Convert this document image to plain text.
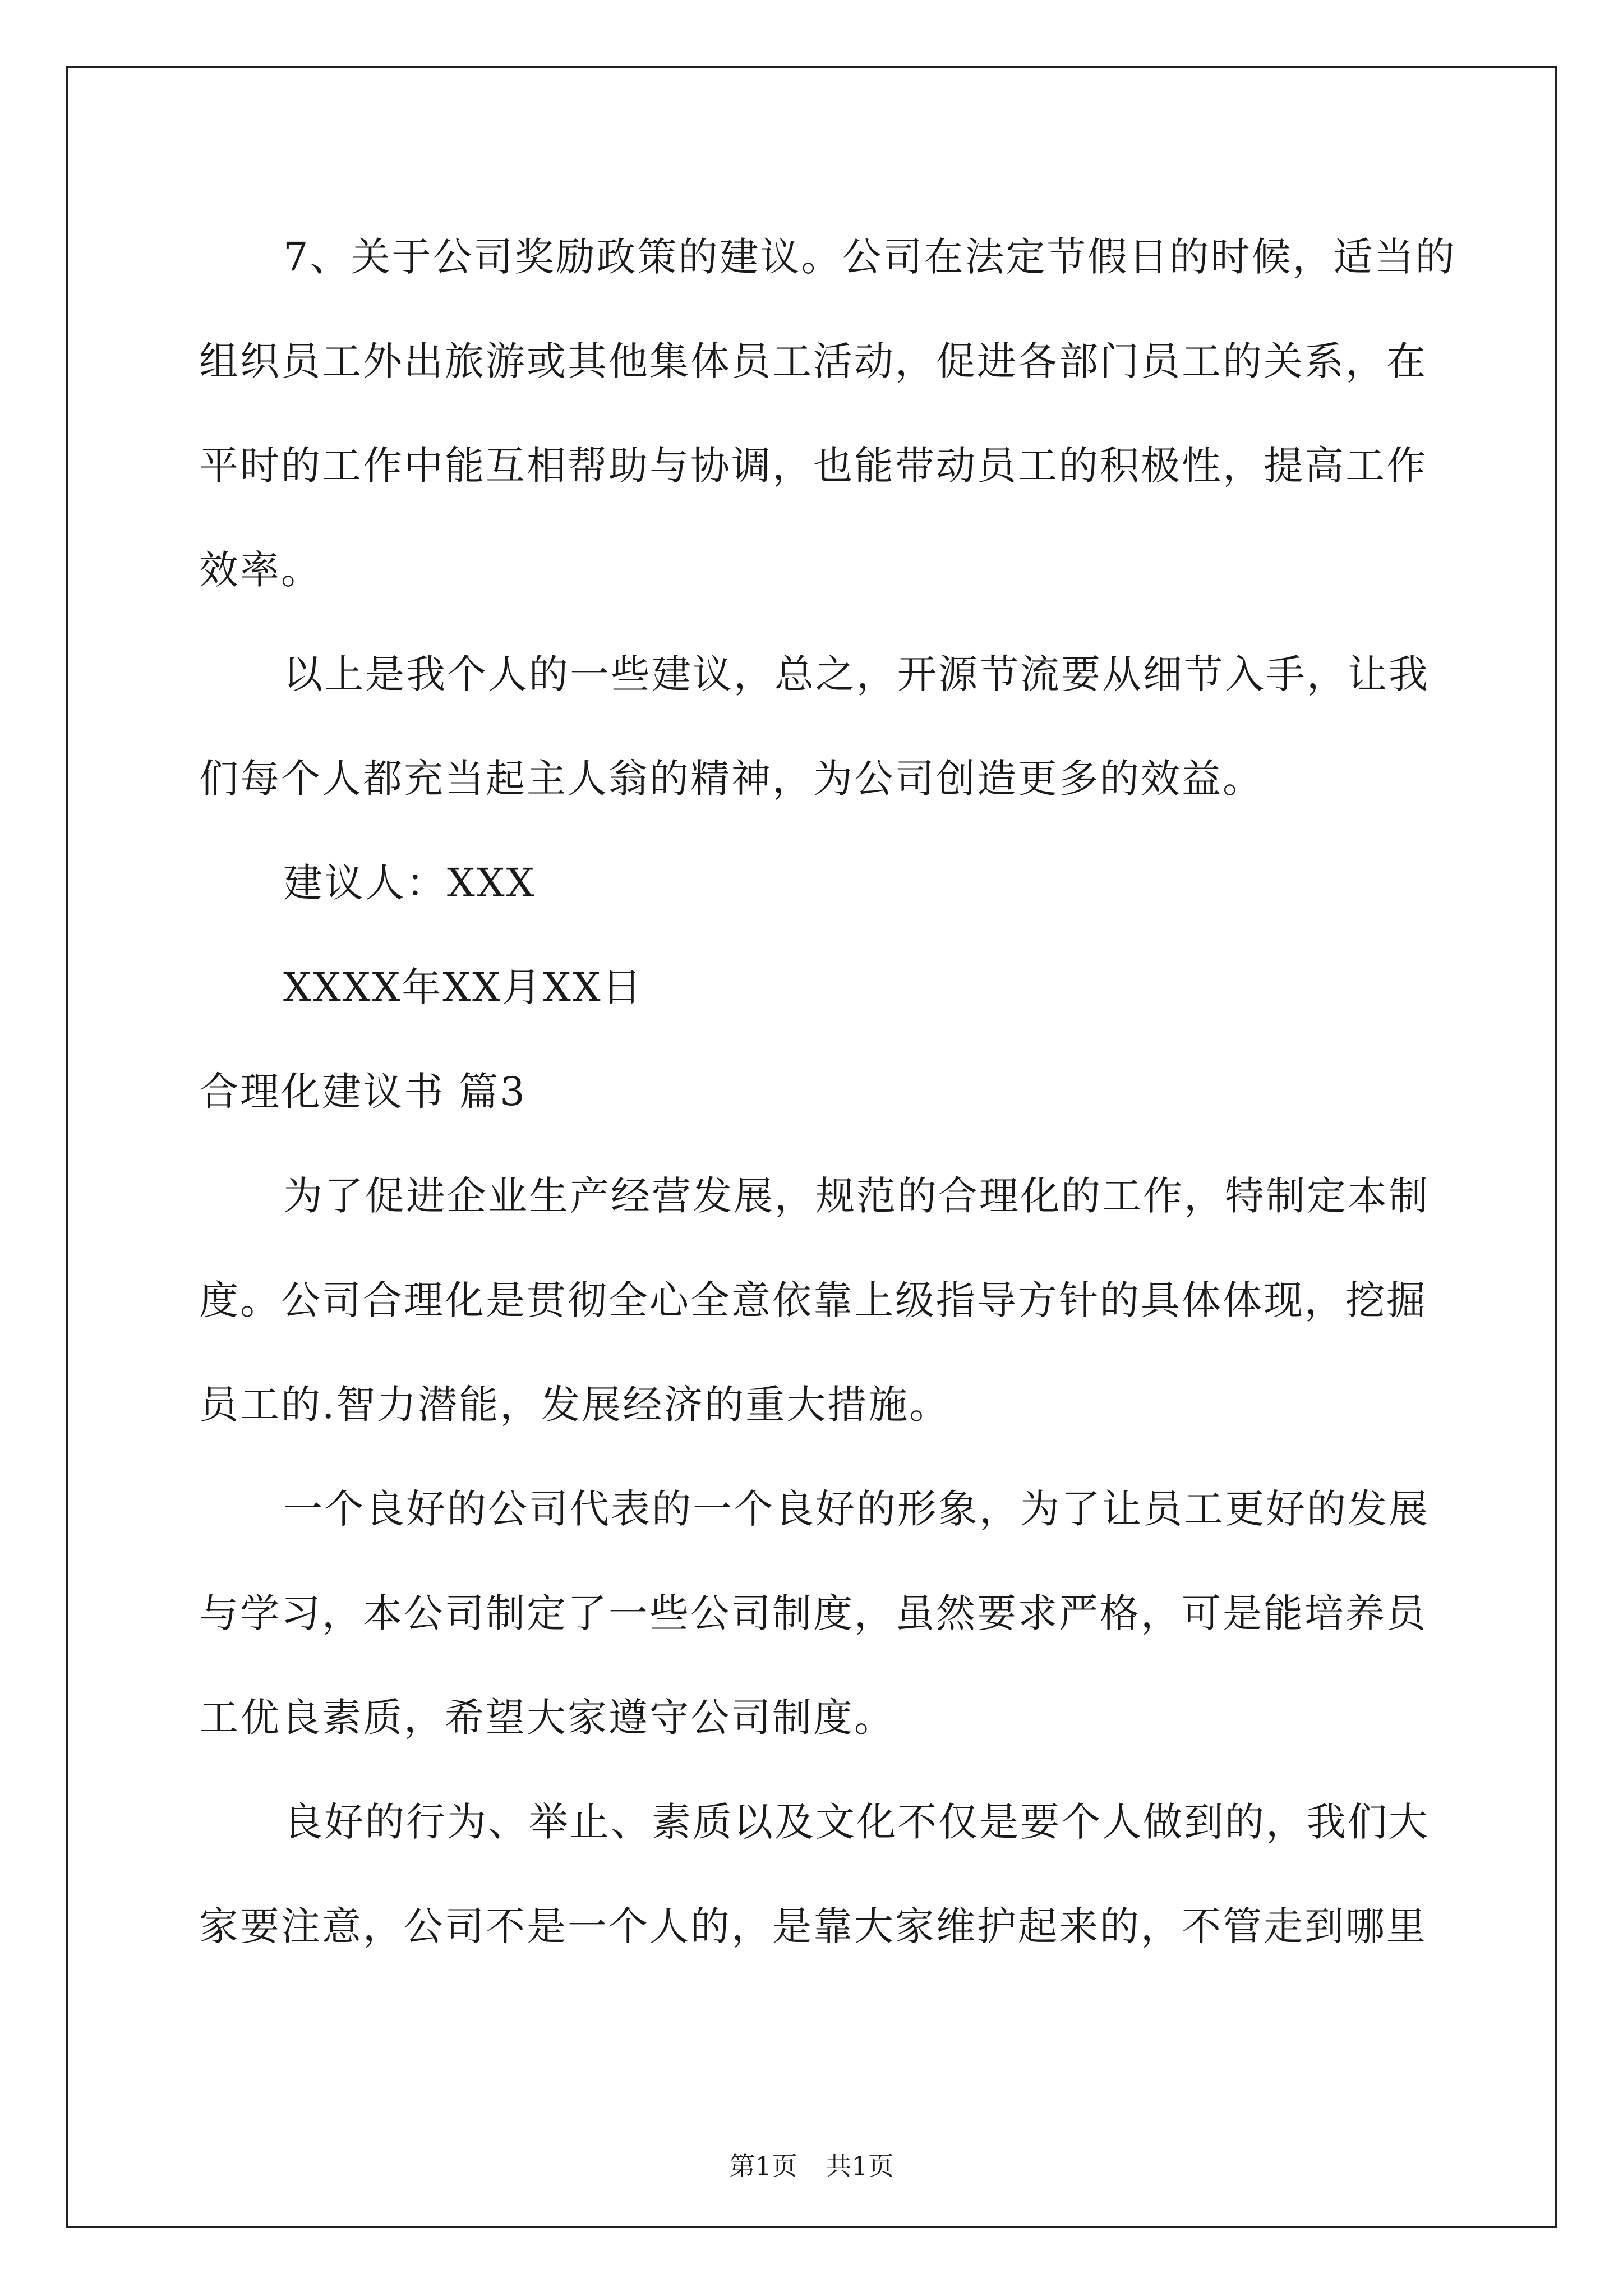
7、关于公司奖励政策的建议。公司在法定节假日的时候，适当的
组织员工外出旅游或其他集体员工活动，促进各部门员工的关系，在
平时的工作中能互相帮助与协调，也能带动员工的积极性，提高工作
效率。
以上是我个人的一些建议，总之，开源节流要从细节入手，让我
们每个人都充当起主人翁的精神，为公司创造更多的效益。
建议人：XXX
XXXX年XX月XX日
合理化建议书 篇3
为了促进企业生产经营发展，规范的合理化的工作，特制定本制
度。公司合理化是贯彻全心全意依靠上级指导方针的具体体现，挖掘
员工的.智力潜能，发展经济的重大措施。
一个良好的公司代表的一个良好的形象，为了让员工更好的发展
与学习，本公司制定了一些公司制度，虽然要求严格，可是能培养员
工优良素质，希望大家遵守公司制度。
良好的行为、举止、素质以及文化不仅是要个人做到的，我们大
家要注意，公司不是一个人的，是靠大家维护起来的，不管走到哪里
第1页 共1页
